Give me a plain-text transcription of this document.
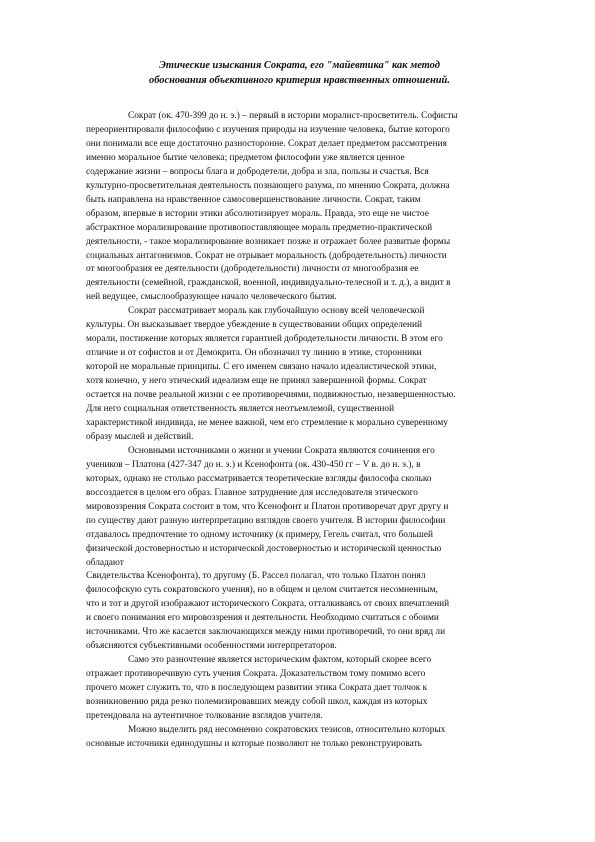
Этические изыскания Сократа, его "майевтика" как метод
обоснования объективного критерия нравственных отношений.

Сократ (ок. 470-399 до н. э.) – первый в истории моралист-просветитель. Софисты
переориентировали философию с изучения природы на изучение человека, бытие которого
они понимали все еще достаточно разносторонне. Сократ делает предметом рассмотрения
именно моральное бытие человека; предметом философии уже является ценное
содержание жизни – вопросы блага и добродетели, добра и зла, пользы и счастья. Вся
культурно-просветительная деятельность познающего разума, по мнению Сократа, должна
быть направлена на нравственное самосовершенствование личности. Сократ, таким
образом, впервые в истории этики абсолютизирует мораль. Правда, это еще не чистое
абстрактное морализирование противопоставляющее мораль предметно-практической
деятельности, - такое морализирование возникает позже и отражает более развитые формы
социальных антагонизмов. Сократ не отрывает моральность (добродетельность) личности
от многообразия ее деятельности (добродетельности) личности от многообразия ее
деятельности (семейной, гражданской, военной, индивидуально-телесной и т. д.), а видит в
ней ведущее, смыслообразующее начало человеческого бытия.

Сократ рассматривает мораль как глубочайшую основу всей человеческой
культуры. Он высказывает твердое убеждение в существовании общих определений
морали, постижение которых является гарантией добродетельности личности. В этом его
отличие и от софистов и от Демокрита. Он обозначил ту линию в этике, сторонники
которой не моральные принципы. С его именем связано начало идеалистической этики,
хотя конечно, у него этический идеализм еще не принял завершенной формы. Сократ
остается на почве реальной жизни с ее противоречиями, подвижностью, незавершенностью.
Для него социальная ответственность является неотъемлемой, существенной
характеристикой индивида, не менее важной, чем его стремление к морально суверенному
образу мыслей и действий.

Основными источниками о жизни и учении Сократа являются сочинения его
учеников – Платона (427-347 до н. э.) и Ксенофонта (ок. 430-450 гг – V в. до н. э.), в
которых, однако не столько рассматривается теоретические взгляды философа сколько
воссоздается в целом его образ. Главное затруднение для исследователя этического
мировоззрения Сократа состоит в том, что Ксенофонт и Платон противоречат друг другу и
по существу дают разную интерпретацию взглядов своего учителя. В истории философии
отдавалось предпочтение то одному источнику (к примеру, Гегель считал, что большей
физической достоверностью и исторической достоверностью и исторической ценностью
обладают

Свидетельства Ксенофонта), то другому (Б. Рассел полагал, что только Платон понял
философскую суть сократовского учения), но в общем и целом считается несомненным,
что и тот и другой изображают исторического Сократа, отталкиваясь от своих впечатлений
и своего понимания его мировоззрения и деятельности. Необходимо считаться с обоими
источниками. Что же касается заключающихся между ними противоречий, то они вряд ли
объясняются субъективными особенностями интерпретаторов.

Само это разночтение является историческим фактом, который скорее всего
отражает противоречивую суть учения Сократа. Доказательством тому помимо всего
прочего может служить то, что в последующем развитии этика Сократа дает толчок к
возникновению ряда резко полемизировавших между собой школ, каждая из которых
претендовала на аутентичное толкование взглядов учителя.

Можно выделить ряд несомненно сократовских тезисов, относительно которых
основные источники единодушны и которые позволяют не только реконструировать
